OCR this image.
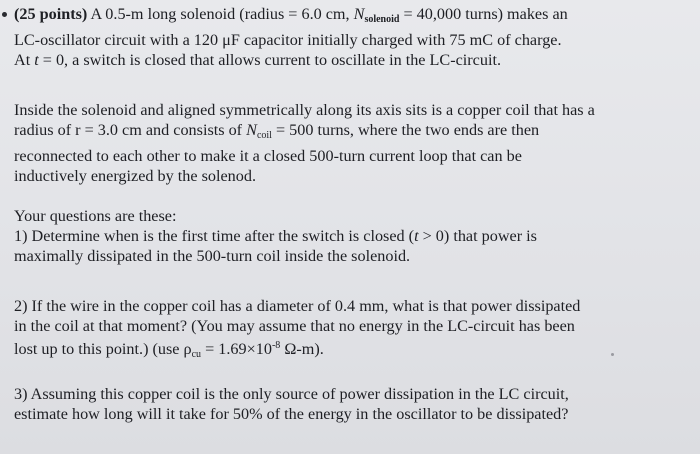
(25 points) A 0.5-m long solenoid (radius = 6.0 cm, $N_{solenoid} = 40,000$ turns) makes an
LC-oscillator circuit with a 120 μF capacitor initially charged with 75 mC of charge.
At t = 0, a switch is closed that allows current to oscillate in the LC-circuit.
Inside the solenoid and aligned symmetrically along its axis sits is a copper coil that has a
radius of r = 3.0 cm and consists of $N_{coil} = 500$ turns, where the two ends are then
reconnected to each other to make it a closed 500-turn current loop that can be
inductively energized by the solenod.
Your questions are these:
1) Determine when is the first time after the switch is closed (t > 0) that power is
maximally dissipated in the 500-turn coil inside the solenoid.
2) If the wire in the copper coil has a diameter of 0.4 mm, what is that power dissipated
in the coil at that moment? (You may assume that no energy in the LC-circuit has been
lost up to this point.) (use $\rho_{cu} = 1.69\times 10^{-8}$ Ω-m).
3) Assuming this copper coil is the only source of power dissipation in the LC circuit,
estimate how long will it take for 50% of the energy in the oscillator to be dissipated?
